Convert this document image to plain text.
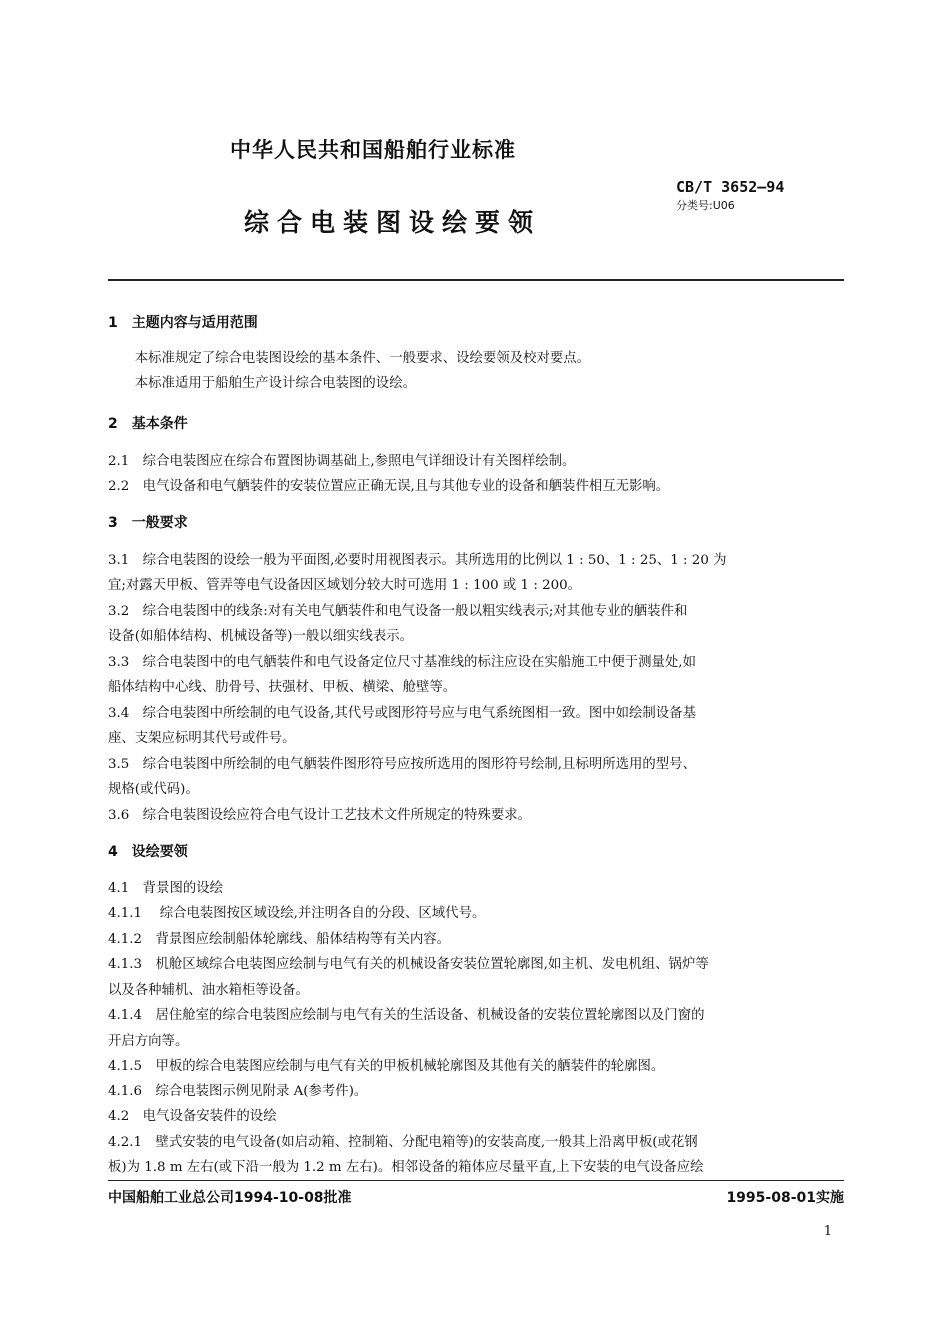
中华人民共和国船舶行业标准
综合电装图设绘要领
CB/T 3652—94
分类号:U06
1　主题内容与适用范围
　　本标准规定了综合电装图设绘的基本条件、一般要求、设绘要领及校对要点。
　　本标准适用于船舶生产设计综合电装图的设绘。
2　基本条件
2.1　综合电装图应在综合布置图协调基础上,参照电气详细设计有关图样绘制。
2.2　电气设备和电气舾装件的安装位置应正确无误,且与其他专业的设备和舾装件相互无影响。
3　一般要求
3.1　综合电装图的设绘一般为平面图,必要时用视图表示。其所选用的比例以 1 : 50、1 : 25、1 : 20 为
宜;对露天甲板、管弄等电气设备因区域划分较大时可选用 1 : 100 或 1 : 200。
3.2　综合电装图中的线条:对有关电气舾装件和电气设备一般以粗实线表示;对其他专业的舾装件和
设备(如船体结构、机械设备等)一般以细实线表示。
3.3　综合电装图中的电气舾装件和电气设备定位尺寸基准线的标注应设在实船施工中便于测量处,如
船体结构中心线、肋骨号、扶强材、甲板、横梁、舱壁等。
3.4　综合电装图中所绘制的电气设备,其代号或图形符号应与电气系统图相一致。图中如绘制设备基
座、支架应标明其代号或件号。
3.5　综合电装图中所绘制的电气舾装件图形符号应按所选用的图形符号绘制,且标明所选用的型号、
规格(或代码)。
3.6　综合电装图设绘应符合电气设计工艺技术文件所规定的特殊要求。
4　设绘要领
4.1　背景图的设绘
4.1.1　 综合电装图按区域设绘,并注明各自的分段、区域代号。
4.1.2　背景图应绘制船体轮廓线、船体结构等有关内容。
4.1.3　机舱区域综合电装图应绘制与电气有关的机械设备安装位置轮廓图,如主机、发电机组、锅炉等
以及各种辅机、油水箱柜等设备。
4.1.4　居住舱室的综合电装图应绘制与电气有关的生活设备、机械设备的安装位置轮廓图以及门窗的
开启方向等。
4.1.5　甲板的综合电装图应绘制与电气有关的甲板机械轮廓图及其他有关的舾装件的轮廓图。
4.1.6　综合电装图示例见附录 A(参考件)。
4.2　电气设备安装件的设绘
4.2.1　壁式安装的电气设备(如启动箱、控制箱、分配电箱等)的安装高度,一般其上沿离甲板(或花钢
板)为 1.8 m 左右(或下沿一般为 1.2 m 左右)。相邻设备的箱体应尽量平直,上下安装的电气设备应绘
中国船舶工业总公司1994-10-08批准	1995-08-01实施
1
